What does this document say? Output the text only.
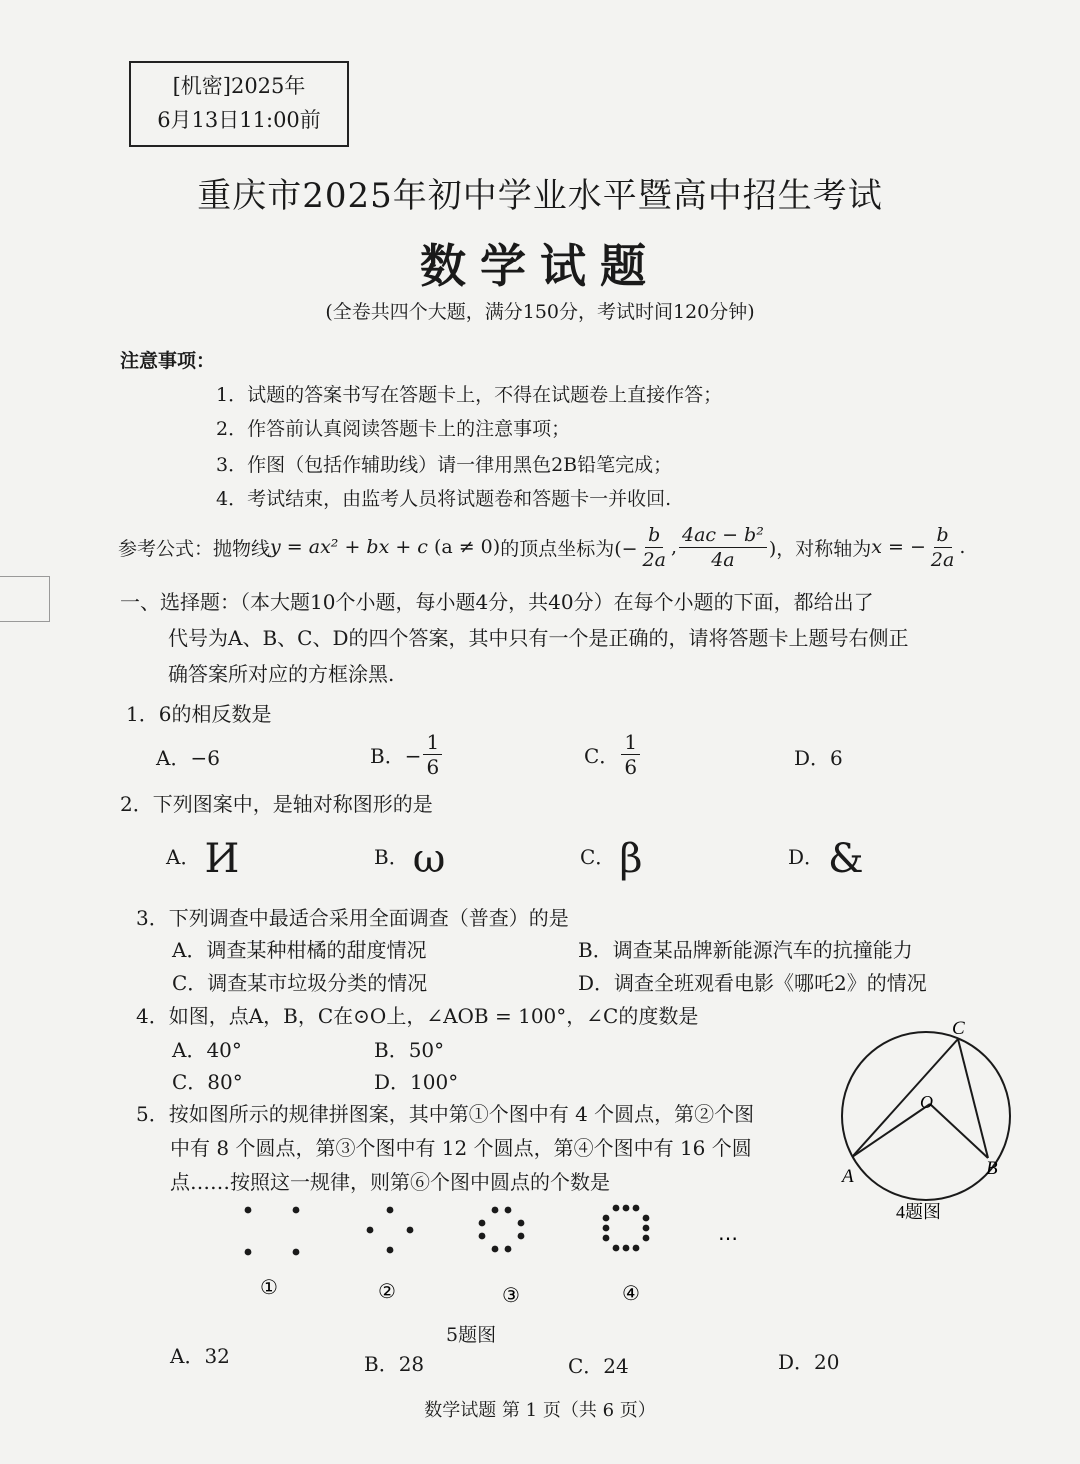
[机密]2025年
6月13日11:00前
重庆市2025年初中学业水平暨高中招生考试
数学试题
(全卷共四个大题，满分150分，考试时间120分钟)
注意事项：
1．试题的答案书写在答题卡上，不得在试题卷上直接作答；
2．作答前认真阅读答题卡上的注意事项；
3．作图（包括作辅助线）请一律用黑色2B铅笔完成；
4．考试结束，由监考人员将试题卷和答题卡一并收回.
参考公式：抛物线 y = ax² + bx + c (a ≠ 0) 的顶点坐标为(− $\frac{b}{2a}$ , $\frac{\text{4ac − b²}}{4a}$ )，对称轴为 x = − $\frac{b}{2a}$ .
一、选择题：（本大题10个小题，每小题4分，共40分）在每个小题的下面，都给出了
代号为A、B、C、D的四个答案，其中只有一个是正确的，请将答题卡上题号右侧正
确答案所对应的方框涂黑.
1．6的相反数是
A．−6	B．− $\frac{1}{6}$	C． $\frac{1}{6}$	D．6
2．下列图案中，是轴对称图形的是
A． И	B． ω	C． β	D． &
3．下列调查中最适合采用全面调查（普查）的是
A．调查某种柑橘的甜度情况	B．调查某品牌新能源汽车的抗撞能力
C．调查某市垃圾分类的情况	D．调查全班观看电影《哪吒2》的情况
4．如图，点A，B，C在⊙O上，∠AOB = 100°，∠C的度数是
A．40°	B．50°
C．80°	D．100°
C
O
A	B
4题图
5．按如图所示的规律拼图案，其中第①个图中有 4 个圆点，第②个图
中有 8 个圆点，第③个图中有 12 个圆点，第④个图中有 16 个圆
点……按照这一规律，则第⑥个图中圆点的个数是
①	②	③	④
…
5题图
A．32	B．28	C．24	D．20
数学试题 第 1 页（共 6 页）
